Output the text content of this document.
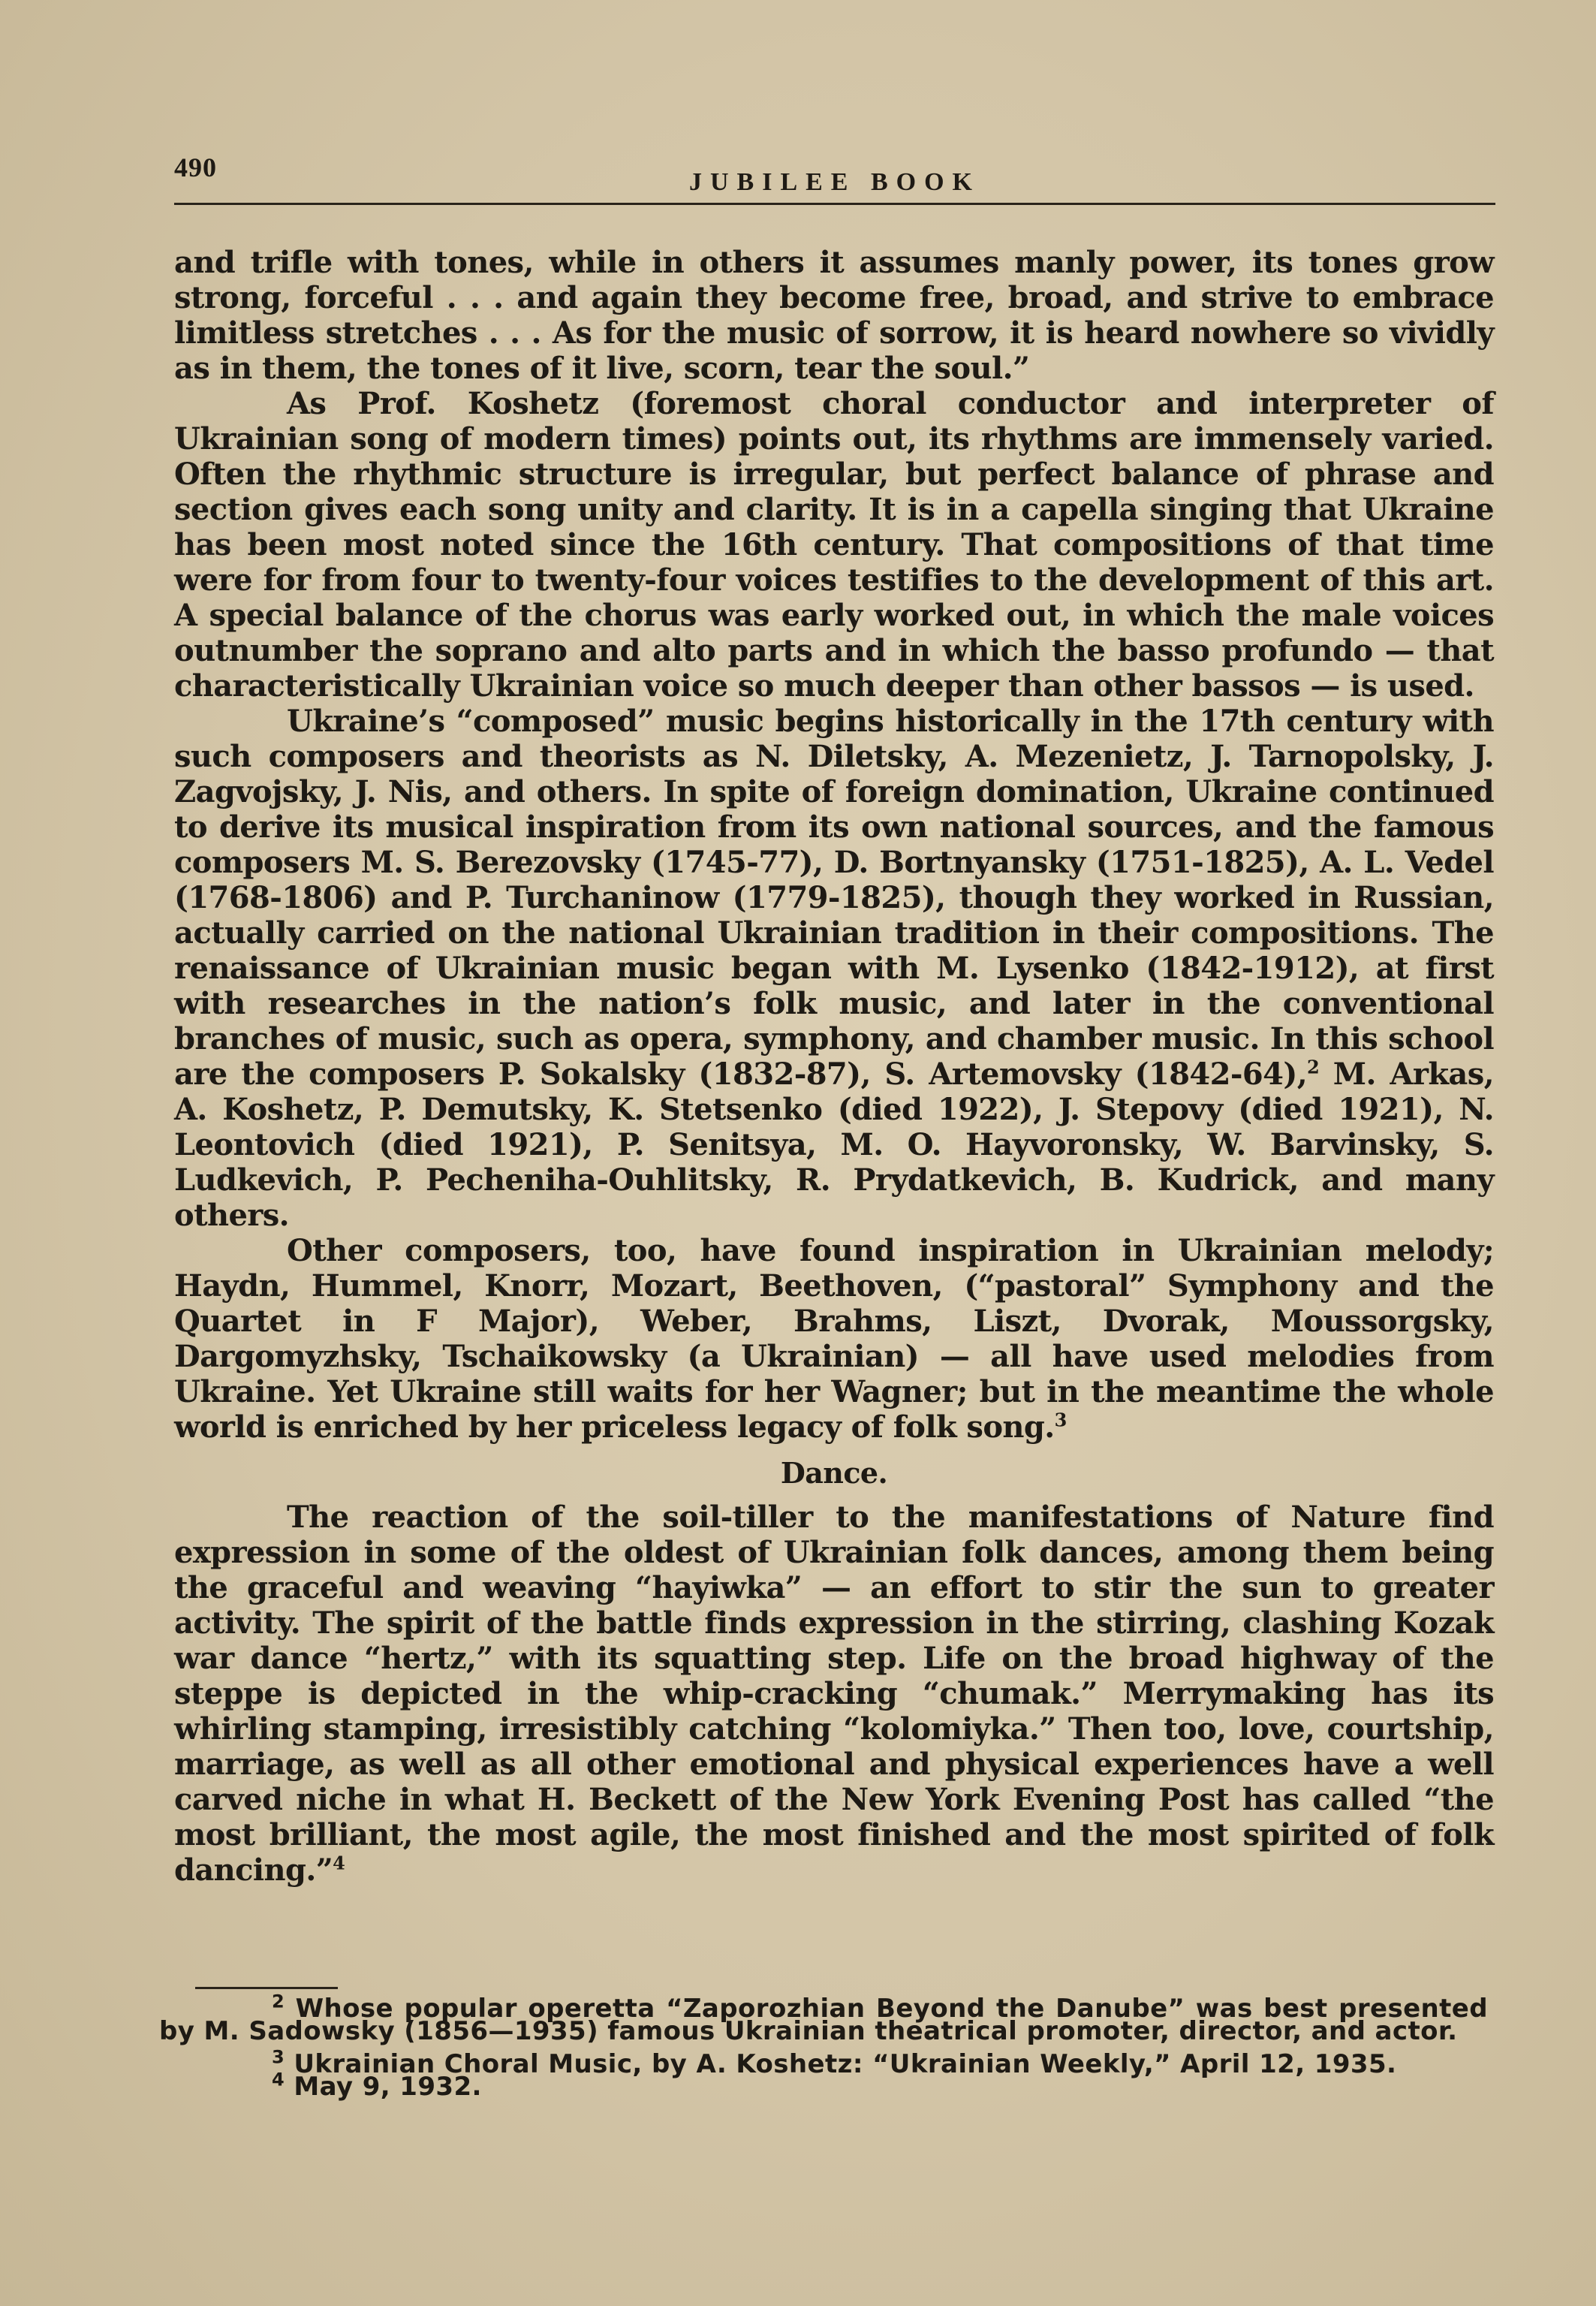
490	JUBILEE BOOK

and trifle with tones, while in others it assumes manly power, its tones grow strong, forceful . . . and again they become free, broad, and strive to embrace limitless stretches . . . As for the music of sorrow, it is heard nowhere so vividly as in them, the tones of it live, scorn, tear the soul.”

As Prof. Koshetz (foremost choral conductor and interpreter of Ukrainian song of modern times) points out, its rhythms are immensely varied. Often the rhythmic structure is irregular, but perfect balance of phrase and section gives each song unity and clarity. It is in a capella singing that Ukraine has been most noted since the 16th century. That compositions of that time were for from four to twenty-four voices testifies to the development of this art. A special balance of the chorus was early worked out, in which the male voices outnumber the soprano and alto parts and in which the basso profundo — that characteristically Ukrainian voice so much deeper than other bassos — is used.

Ukraine’s “composed” music begins historically in the 17th century with such composers and theorists as N. Diletsky, A. Mezenietz, J. Tarnopolsky, J. Zagvojsky, J. Nis, and others. In spite of foreign domination, Ukraine continued to derive its musical inspiration from its own national sources, and the famous composers M. S. Berezovsky (1745-77), D. Bortnyansky (1751-1825), A. L. Vedel (1768-1806) and P. Turchaninow (1779-1825), though they worked in Russian, actually carried on the national Ukrainian tradition in their compositions. The renaissance of Ukrainian music began with M. Lysenko (1842-1912), at first with researches in the nation’s folk music, and later in the conventional branches of music, such as opera, symphony, and chamber music. In this school are the composers P. Sokalsky (1832-87), S. Artemovsky (1842-64),$^2$ M. Arkas, A. Koshetz, P. Demutsky, K. Stetsenko (died 1922), J. Stepovy (died 1921), N. Leontovich (died 1921), P. Senitsya, M. O. Hayvoronsky, W. Barvinsky, S. Ludkevich, P. Pecheniha-Ouhlitsky, R. Prydatkevich, B. Kudrick, and many others.

Other composers, too, have found inspiration in Ukrainian melody; Haydn, Hummel, Knorr, Mozart, Beethoven, (“pastoral” Symphony and the Quartet in F Major), Weber, Brahms, Liszt, Dvorak, Moussorgsky, Dargomyzhsky, Tschaikowsky (a Ukrainian) — all have used melodies from Ukraine. Yet Ukraine still waits for her Wagner; but in the meantime the whole world is enriched by her priceless legacy of folk song.$^3$

Dance.

The reaction of the soil-tiller to the manifestations of Nature find expression in some of the oldest of Ukrainian folk dances, among them being the graceful and weaving “hayiwka” — an effort to stir the sun to greater activity. The spirit of the battle finds expression in the stirring, clashing Kozak war dance “hertz,” with its squatting step. Life on the broad highway of the steppe is depicted in the whip-cracking “chumak.” Merrymaking has its whirling stamping, irresistibly catching “kolomiyka.” Then too, love, courtship, marriage, as well as all other emotional and physical experiences have a well carved niche in what H. Beckett of the New York Evening Post has called “the most brilliant, the most agile, the most finished and the most spirited of folk dancing.”$^4$

$^2$ Whose popular operetta “Zaporozhian Beyond the Danube” was best presented by M. Sadowsky (1856—1935) famous Ukrainian theatrical promoter, director, and actor.

$^3$ Ukrainian Choral Music, by A. Koshetz: “Ukrainian Weekly,” April 12, 1935.

$^4$ May 9, 1932.
